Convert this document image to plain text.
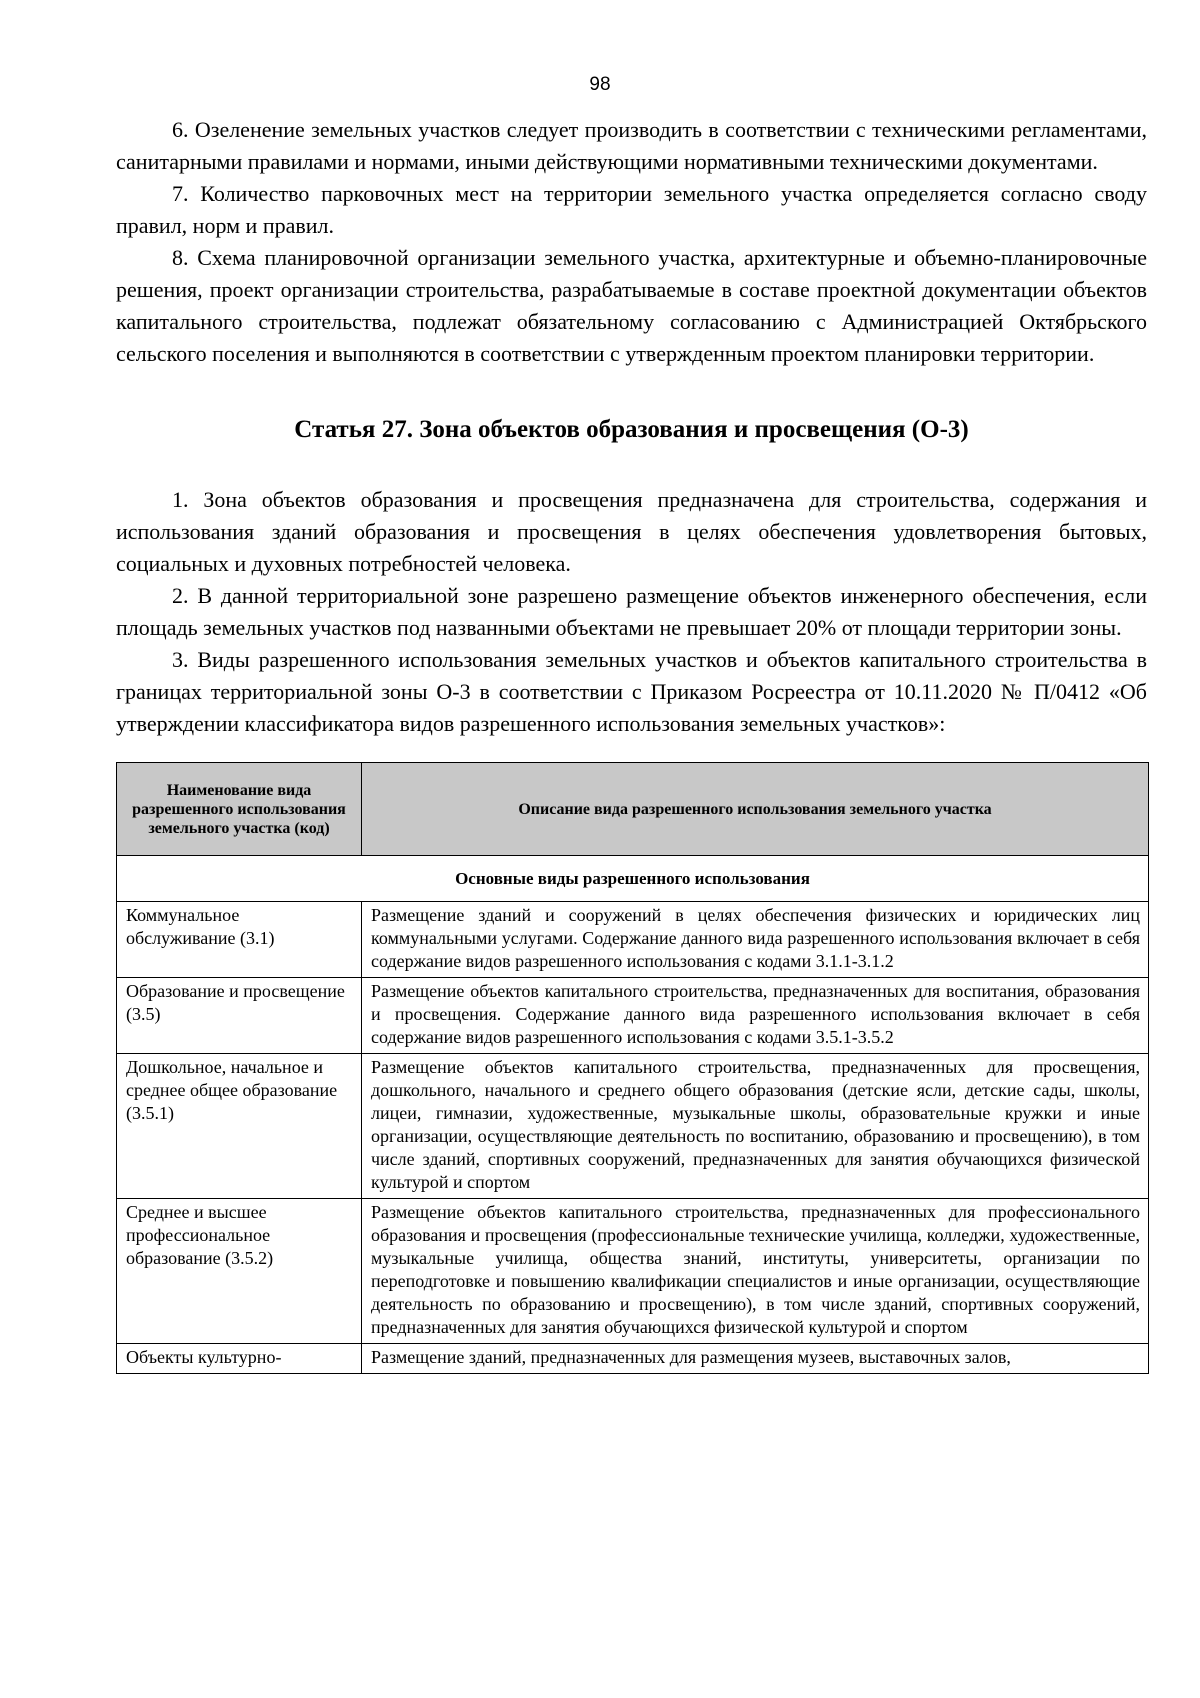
98

6. Озеленение земельных участков следует производить в соответствии с техническими регламентами, санитарными правилами и нормами, иными действующими нормативными техническими документами.

7. Количество парковочных мест на территории земельного участка определяется согласно своду правил, норм и правил.

8. Схема планировочной организации земельного участка, архитектурные и объемно-планировочные решения, проект организации строительства, разрабатываемые в составе проектной документации объектов капитального строительства, подлежат обязательному согласованию с Администрацией Октябрьского сельского поселения и выполняются в соответствии с утвержденным проектом планировки территории.

Статья 27. Зона объектов образования и просвещения (О-3)

1. Зона объектов образования и просвещения предназначена для строительства, содержания и использования зданий образования и просвещения в целях обеспечения удовлетворения бытовых, социальных и духовных потребностей человека.

2. В данной территориальной зоне разрешено размещение объектов инженерного обеспечения, если площадь земельных участков под названными объектами не превышает 20% от площади территории зоны.

3. Виды разрешенного использования земельных участков и объектов капитального строительства в границах территориальной зоны О-3 в соответствии с Приказом Росреестра от 10.11.2020 № П/0412 «Об утверждении классификатора видов разрешенного использования земельных участков»:

Наименование вида разрешенного использования земельного участка (код)	Описание вида разрешенного использования земельного участка
Основные виды разрешенного использования	
Коммунальное обслуживание (3.1)	Размещение зданий и сооружений в целях обеспечения физических и юридических лиц коммунальными услугами. Содержание данного вида разрешенного использования включает в себя содержание видов разрешенного использования с кодами 3.1.1-3.1.2
Образование и просвещение (3.5)	Размещение объектов капитального строительства, предназначенных для воспитания, образования и просвещения. Содержание данного вида разрешенного использования включает в себя содержание видов разрешенного использования с кодами 3.5.1-3.5.2
Дошкольное, начальное и среднее общее образование (3.5.1)	Размещение объектов капитального строительства, предназначенных для просвещения, дошкольного, начального и среднего общего образования (детские ясли, детские сады, школы, лицеи, гимназии, художественные, музыкальные школы, образовательные кружки и иные организации, осуществляющие деятельность по воспитанию, образованию и просвещению), в том числе зданий, спортивных сооружений, предназначенных для занятия обучающихся физической культурой и спортом
Среднее и высшее профессиональное образование (3.5.2)	Размещение объектов капитального строительства, предназначенных для профессионального образования и просвещения (профессиональные технические училища, колледжи, художественные, музыкальные училища, общества знаний, институты, университеты, организации по переподготовке и повышению квалификации специалистов и иные организации, осуществляющие деятельность по образованию и просвещению), в том числе зданий, спортивных сооружений, предназначенных для занятия обучающихся физической культурой и спортом
Объекты культурно-	Размещение зданий, предназначенных для размещения музеев, выставочных залов,
